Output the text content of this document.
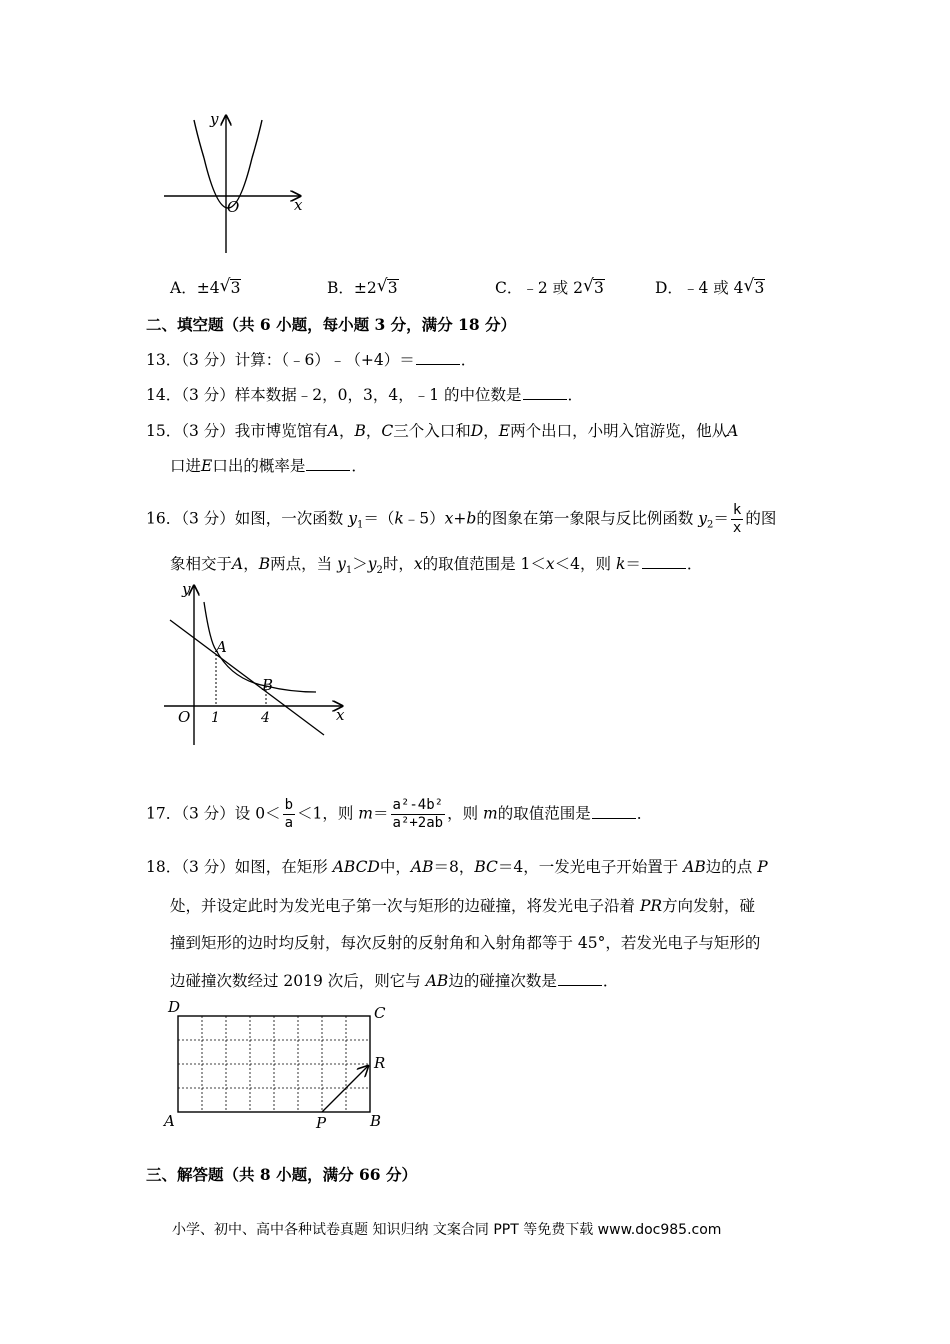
y
x
O
A．±4 √ 3	B．±2 √ 3	C．﹣2 或 2 √ 3	D．﹣4 或 4 √ 3
二、填空题（共 6 小题，每小题 3 分，满分 18 分）
13．（3 分）计算：（﹣6）﹣（+4）＝	．
14．（3 分）样本数据﹣2，0，3，4，﹣1 的中位数是	．
15．（3 分）我市博览馆有A，B，C三个入口和D，E两个出口，小明入馆游览，他从A
口进E口出的概率是	．
16．（3 分）如图，一次函数 $y_1=(k﹣5)x+b$的图象在第一象限与反比例函数 $y_2= \frac{k}{x}$ 的图
象相交于A，B两点，当 $y_1>y_2$时，x的取值范围是 1＜x＜4，则 k＝	．
y
x
O
A
B
1	4
17．（3 分）设 $0< \frac{b}{a} <1$，则 $m= \frac{\text{a²-4b²}}{\text{a²+2ab}}$ ，则 m的取值范围是	．
18．（3 分）如图，在矩形 ABCD中，AB＝8，BC＝4，一发光电子开始置于 AB边的点 P
处，并设定此时为发光电子第一次与矩形的边碰撞，将发光电子沿着 PR方向发射，碰
撞到矩形的边时均反射，每次反射的反射角和入射角都等于 45°，若发光电子与矩形的
边碰撞次数经过 2019 次后，则它与 AB边的碰撞次数是	．
D	C
A	B
P
R
三、解答题（共 8 小题，满分 66 分）
小学、初中、高中各种试卷真题 知识归纳 文案合同 PPT 等免费下载 www.doc985.com
